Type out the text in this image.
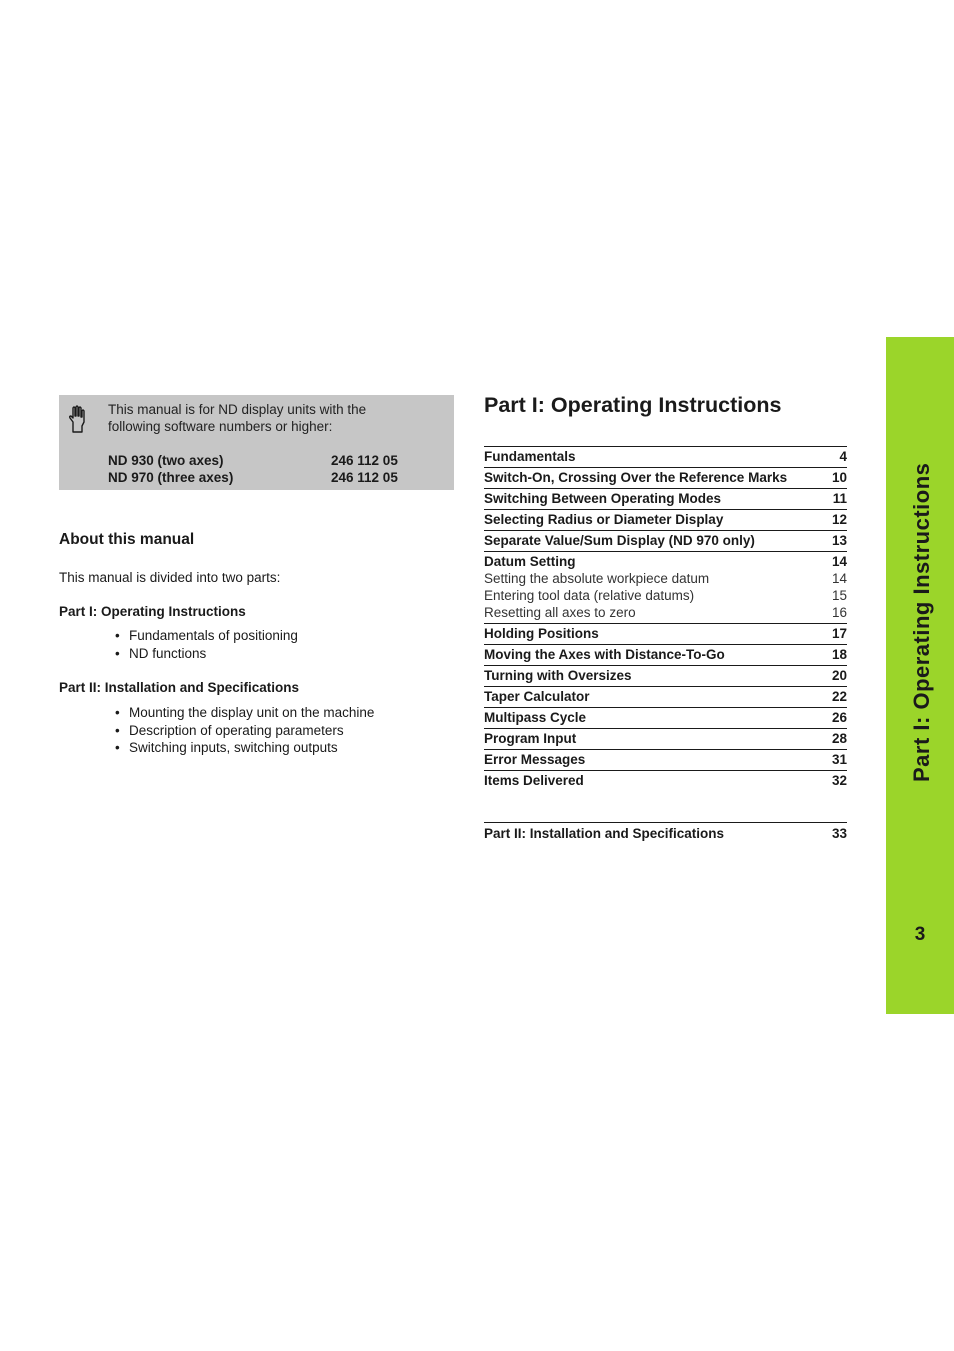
This manual is for ND display units with the following software numbers or higher:
ND 930 (two axes)	246 112 05
ND 970 (three axes)	246 112 05
About this manual
This manual is divided into two parts:
Part I: Operating Instructions
• Fundamentals of positioning
• ND functions
Part II: Installation and Specifications
• Mounting the display unit on the machine
• Description of operating parameters
• Switching inputs, switching outputs
Part I: Operating Instructions
Fundamentals	4
Switch-On, Crossing Over the Reference Marks	10
Switching Between Operating Modes	11
Selecting Radius or Diameter Display	12
Separate Value/Sum Display (ND 970 only)	13
Datum Setting	14
Setting the absolute workpiece datum	14
Entering tool data (relative datums)	15
Resetting all axes to zero	16
Holding Positions	17
Moving the Axes with Distance-To-Go	18
Turning with Oversizes	20
Taper Calculator	22
Multipass Cycle	26
Program Input	28
Error Messages	31
Items Delivered	32
Part II: Installation and Specifications	33
Part I: Operating Instructions
3
